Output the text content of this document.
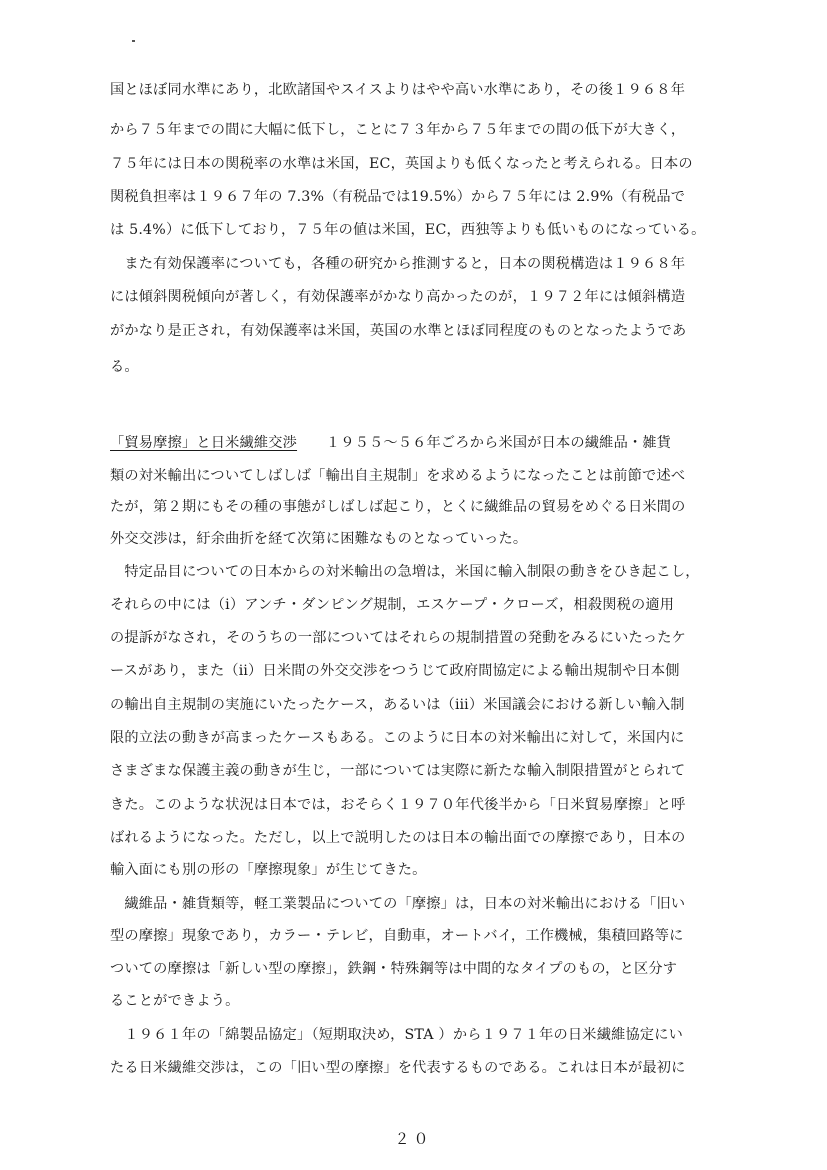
国とほぼ同水準にあり，北欧諸国やスイスよりはやや高い水準にあり，その後１９６８年
から７５年までの間に大幅に低下し，ことに７３年から７５年までの間の低下が大きく，
７５年には日本の関税率の水準は米国，EC，英国よりも低くなったと考えられる。日本の
関税負担率は１９６７年の 7.3%（有税品では19.5%）から７５年には 2.9%（有税品で
は 5.4%）に低下しており，７５年の値は米国，EC，西独等よりも低いものになっている。
　また有効保護率についても，各種の研究から推測すると，日本の関税構造は１９６８年
には傾斜関税傾向が著しく，有効保護率がかなり高かったのが，１９７２年には傾斜構造
がかなり是正され，有効保護率は米国，英国の水準とほぼ同程度のものとなったようであ
る。
「貿易摩擦」と日米繊維交渉　　１９５５～５６年ごろから米国が日本の繊維品・雑貨
類の対米輸出についてしばしば「輸出自主規制」を求めるようになったことは前節で述べ
たが，第２期にもその種の事態がしばしば起こり，とくに繊維品の貿易をめぐる日米間の
外交交渉は，紆余曲折を経て次第に困難なものとなっていった。
　特定品目についての日本からの対米輸出の急増は，米国に輸入制限の動きをひき起こし，
それらの中には（ⅰ）アンチ・ダンピング規制，エスケープ・クローズ，相殺関税の適用
の提訴がなされ，そのうちの一部についてはそれらの規制措置の発動をみるにいたったケ
ースがあり，また（ⅱ）日米間の外交交渉をつうじて政府間協定による輸出規制や日本側
の輸出自主規制の実施にいたったケース，あるいは（ⅲ）米国議会における新しい輸入制
限的立法の動きが高まったケースもある。このように日本の対米輸出に対して，米国内に
さまざまな保護主義の動きが生じ，一部については実際に新たな輸入制限措置がとられて
きた。このような状況は日本では，おそらく１９７０年代後半から「日米貿易摩擦」と呼
ばれるようになった。ただし，以上で説明したのは日本の輸出面での摩擦であり，日本の
輸入面にも別の形の「摩擦現象」が生じてきた。
　繊維品・雑貨類等，軽工業製品についての「摩擦」は，日本の対米輸出における「旧い
型の摩擦」現象であり，カラー・テレビ，自動車，オートバイ，工作機械，集積回路等に
ついての摩擦は「新しい型の摩擦」，鉄鋼・特殊鋼等は中間的なタイプのもの，と区分す
ることができよう。
　１９６１年の「綿製品協定」（短期取決め，STA ）から１９７１年の日米繊維協定にい
たる日米繊維交渉は，この「旧い型の摩擦」を代表するものである。これは日本が最初に
２０
